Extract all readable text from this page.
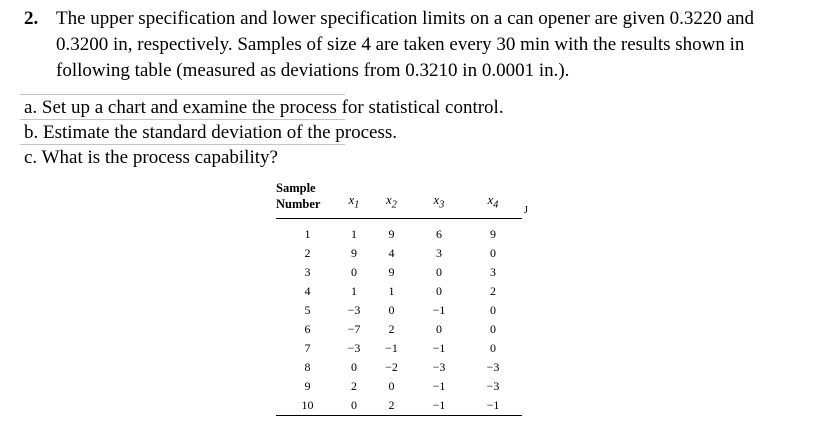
2. The upper specification and lower specification limits on a can opener are given 0.3220 and 0.3200 in, respectively. Samples of size 4 are taken every 30 min with the results shown in following table (measured as deviations from 0.3210 in 0.0001 in.).
a. Set up a chart and examine the process for statistical control.
b. Estimate the standard deviation of the process.
c. What is the process capability?
Sample
Number	$x_1$	$x_2$	$x_3$	$x_4$

1	1	9	6	9
2	9	4	3	0
3	0	9	0	3
4	1	1	0	2
5	−3	0	−1	0
6	−7	2	0	0
7	−3	−1	−1	0
8	0	−2	−3	−3
9	2	0	−1	−3
10	0	2	−1	−1
J
